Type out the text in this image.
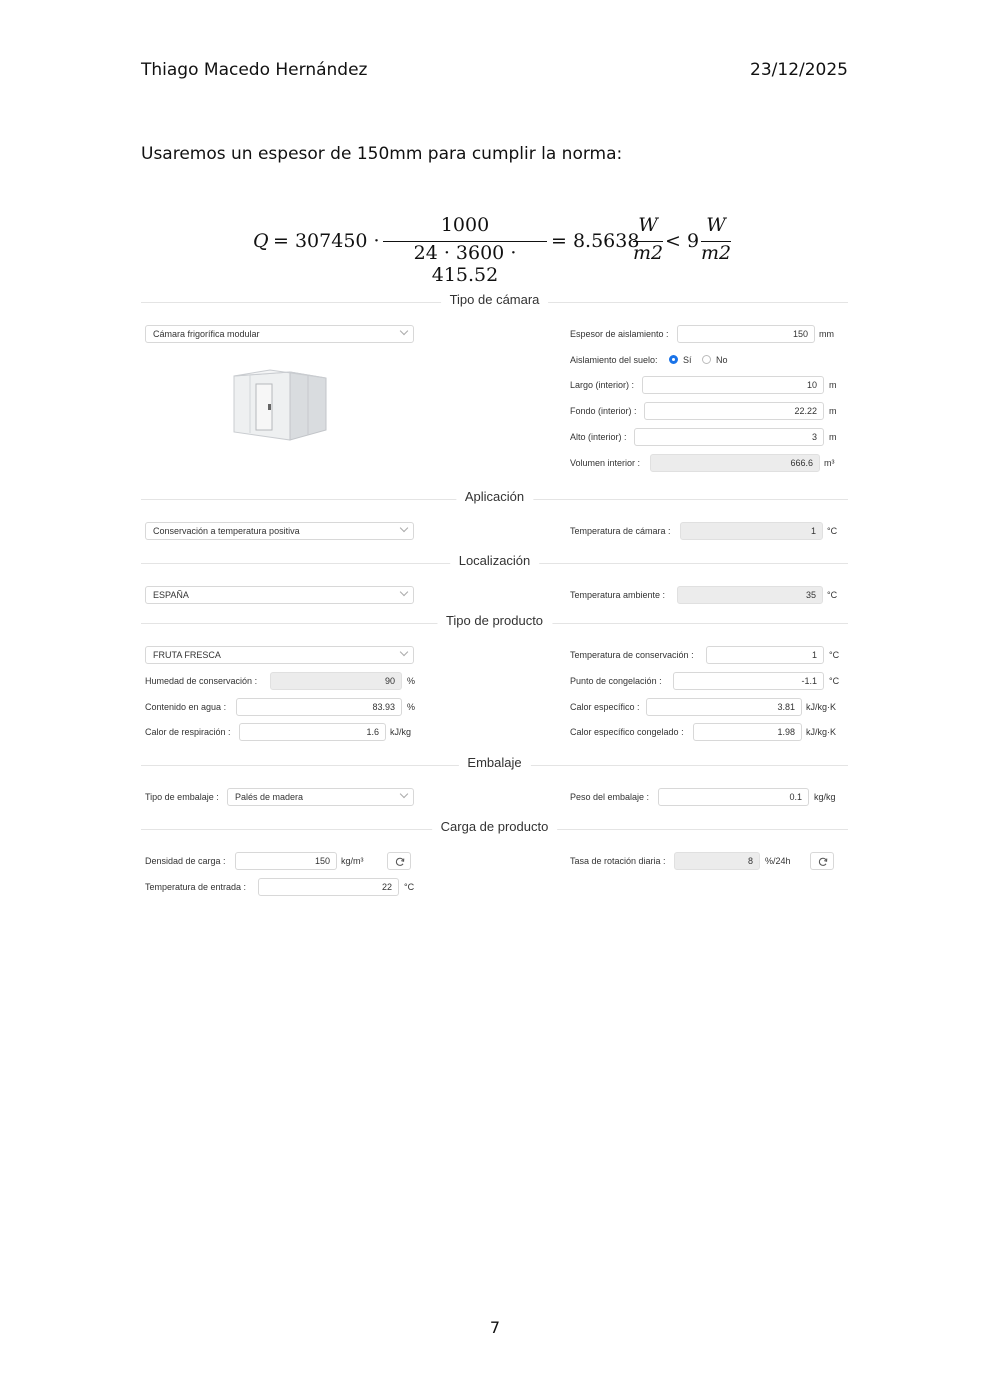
Thiago Macedo Hernández	23/12/2025
Usaremos un espesor de 150mm para cumplir la norma:
Q = 307450 ·
1000
24 · 3600 · 415.52
= 8.5638
W
m2
< 9
W
m2
Tipo de cámara
Cámara frigorífica modular	Espesor de aislamiento :	150	mm
Aislamiento del suelo:	Sí	No
Largo (interior) :	10	m
Fondo (interior) :	22.22	m
Alto (interior) :	3	m
Volumen interior :	666.6	m³
Aplicación
Conservación a temperatura positiva	Temperatura de cámara :	1	°C
Localización
ESPAÑA	Temperatura ambiente :	35	°C
Tipo de producto
FRUTA FRESCA	Temperatura de conservación :	1	°C
Humedad de conservación :	90	%	Punto de congelación :	-1.1	°C
Contenido en agua :	83.93	%	Calor específico :	3.81	kJ/kg·K
Calor de respiración :	1.6	kJ/kg	Calor específico congelado :	1.98	kJ/kg·K
Embalaje
Tipo de embalaje :	Palés de madera	Peso del embalaje :	0.1	kg/kg
Carga de producto
Densidad de carga :	150	kg/m³	Tasa de rotación diaria :	8	%/24h
Temperatura de entrada :	22	°C
7
